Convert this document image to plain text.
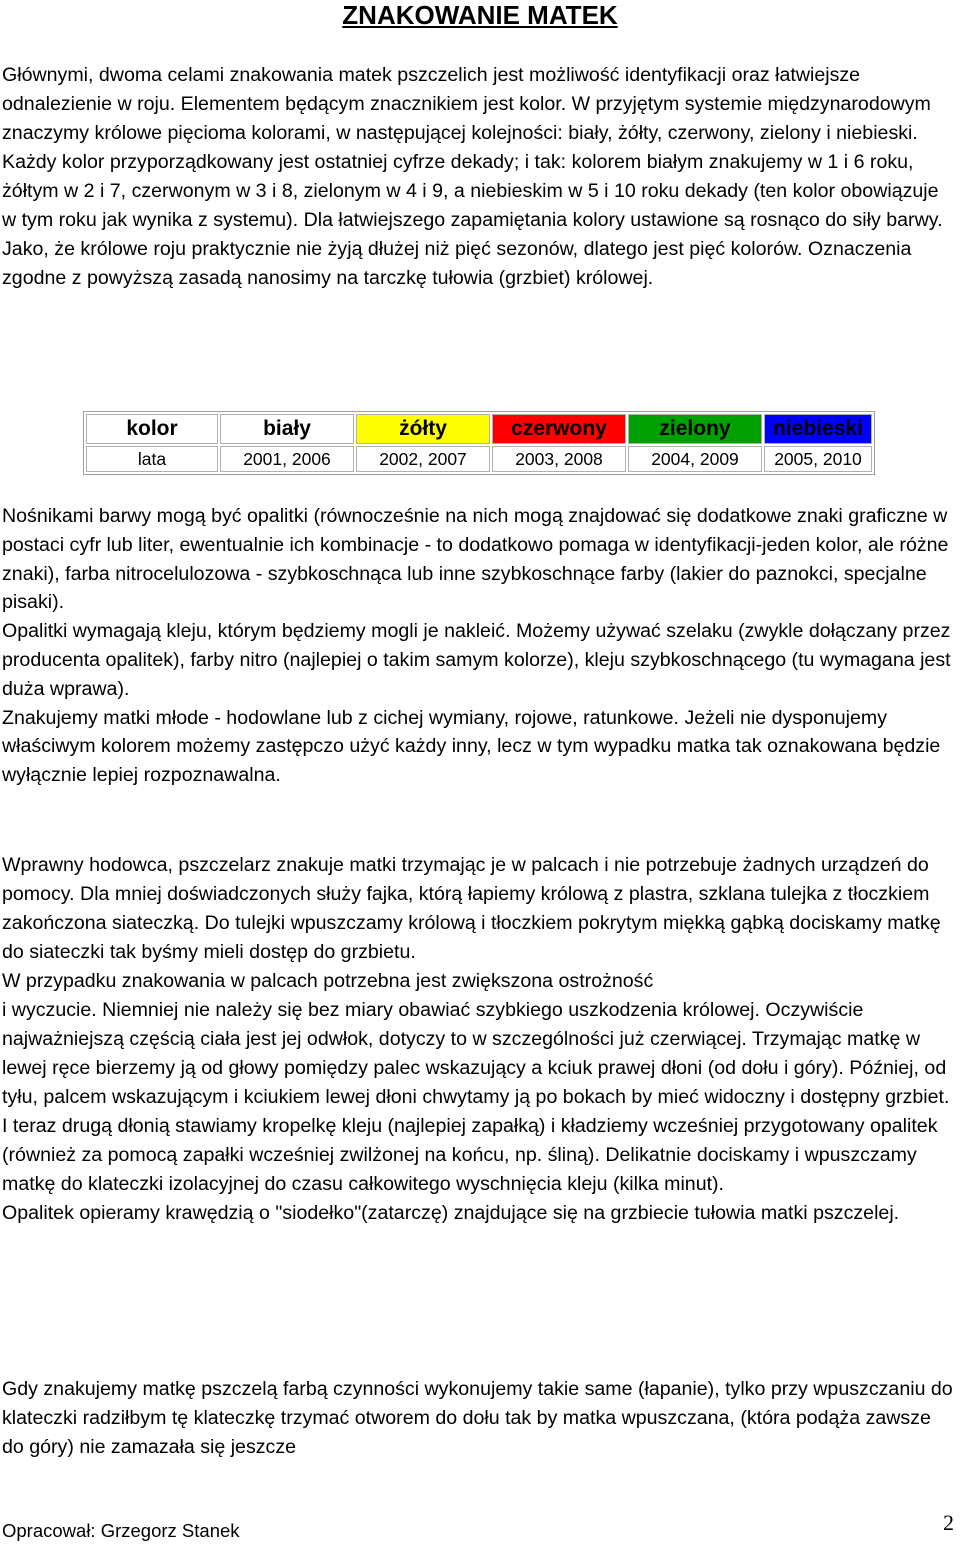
ZNAKOWANIE MATEK

Głównymi, dwoma celami znakowania matek pszczelich jest możliwość identyfikacji oraz łatwiejsze odnalezienie w roju. Elementem będącym znacznikiem jest kolor. W przyjętym systemie międzynarodowym znaczymy królowe pięcioma kolorami, w następującej kolejności: biały, żółty, czerwony, zielony i niebieski. Każdy kolor przyporządkowany jest ostatniej cyfrze dekady; i tak: kolorem białym znakujemy w 1 i 6 roku, żółtym w 2 i 7, czerwonym w 3 i 8, zielonym w 4 i 9, a niebieskim w 5 i 10 roku dekady (ten kolor obowiązuje w tym roku jak wynika z systemu). Dla łatwiejszego zapamiętania kolory ustawione są rosnąco do siły barwy. Jako, że królowe roju praktycznie nie żyją dłużej niż pięć sezonów, dlatego jest pięć kolorów. Oznaczenia zgodne z powyższą zasadą nanosimy na tarczkę tułowia (grzbiet) królowej.

kolor	biały	żółty	czerwony	zielony	niebieski
lata	2001, 2006	2002, 2007	2003, 2008	2004, 2009	2005, 2010

Nośnikami barwy mogą być opalitki (równocześnie na nich mogą znajdować się dodatkowe znaki graficzne w postaci cyfr lub liter, ewentualnie ich kombinacje - to dodatkowo pomaga w identyfikacji-jeden kolor, ale różne znaki), farba nitrocelulozowa - szybkoschnąca lub inne szybkoschnące farby (lakier do paznokci, specjalne pisaki).
Opalitki wymagają kleju, którym będziemy mogli je nakleić. Możemy używać szelaku (zwykle dołączany przez producenta opalitek), farby nitro (najlepiej o takim samym kolorze), kleju szybkoschnącego (tu wymagana jest duża wprawa).
Znakujemy matki młode - hodowlane lub z cichej wymiany, rojowe, ratunkowe. Jeżeli nie dysponujemy właściwym kolorem możemy zastępczo użyć każdy inny, lecz w tym wypadku matka tak oznakowana będzie wyłącznie lepiej rozpoznawalna.

Wprawny hodowca, pszczelarz znakuje matki trzymając je w palcach i nie potrzebuje żadnych urządzeń do pomocy. Dla mniej doświadczonych służy fajka, którą łapiemy królową z plastra, szklana tulejka z tłoczkiem zakończona siateczką. Do tulejki wpuszczamy królową i tłoczkiem pokrytym miękką gąbką dociskamy matkę do siateczki tak byśmy mieli dostęp do grzbietu.
W przypadku znakowania w palcach potrzebna jest zwiększona ostrożność
i wyczucie. Niemniej nie należy się bez miary obawiać szybkiego uszkodzenia królowej. Oczywiście najważniejszą częścią ciała jest jej odwłok, dotyczy to w szczególności już czerwiącej. Trzymając matkę w lewej ręce bierzemy ją od głowy pomiędzy palec wskazujący a kciuk prawej dłoni (od dołu i góry). Później, od tyłu, palcem wskazującym i kciukiem lewej dłoni chwytamy ją po bokach by mieć widoczny i dostępny grzbiet. I teraz drugą dłonią stawiamy kropelkę kleju (najlepiej zapałką) i kładziemy wcześniej przygotowany opalitek (również za pomocą zapałki wcześniej zwilżonej na końcu, np. śliną). Delikatnie dociskamy i wpuszczamy matkę do klateczki izolacyjnej do czasu całkowitego wyschnięcia kleju (kilka minut).
Opalitek opieramy krawędzią o "siodełko"(zatarczę) znajdujące się na grzbiecie tułowia matki pszczelej.

Gdy znakujemy matkę pszczelą farbą czynności wykonujemy takie same (łapanie), tylko przy wpuszczaniu do klateczki radziłbym tę klateczkę trzymać otworem do dołu tak by matka wpuszczana, (która podąża zawsze do góry) nie zamazała się jeszcze

Opracował: Grzegorz Stanek	2
